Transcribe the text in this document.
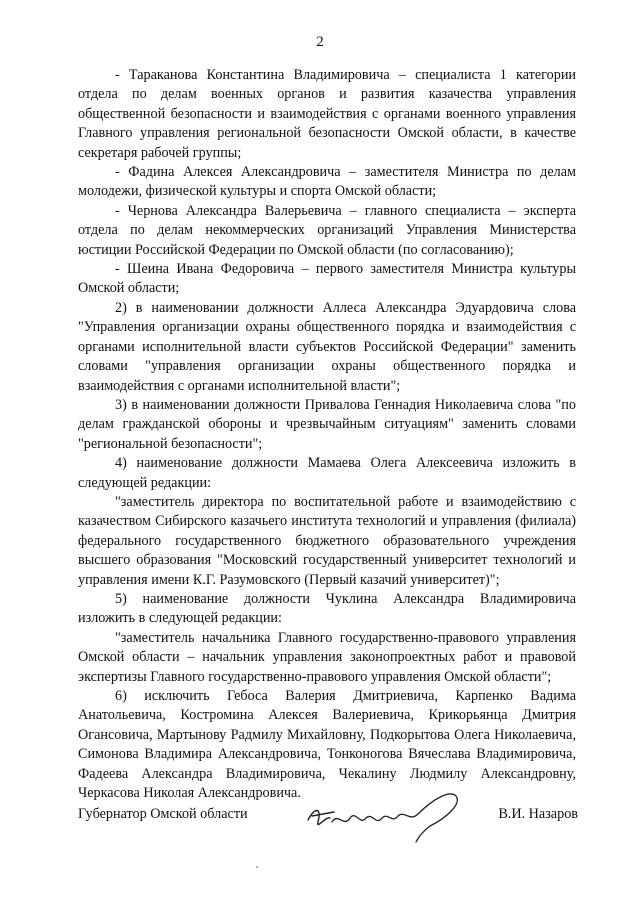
2

- Тараканова Константина Владимировича – специалиста 1 категории отдела по делам военных органов и развития казачества управления общественной безопасности и взаимодействия с органами военного управления Главного управления региональной безопасности Омской области, в качестве секретаря рабочей группы;

- Фадина Алексея Александровича – заместителя Министра по делам молодежи, физической культуры и спорта Омской области;

- Чернова Александра Валерьевича – главного специалиста – эксперта отдела по делам некоммерческих организаций Управления Министерства юстиции Российской Федерации по Омской области (по согласованию);

- Шеина Ивана Федоровича – первого заместителя Министра культуры Омской области;

2) в наименовании должности Аллеса Александра Эдуардовича слова "Управления организации охраны общественного порядка и взаимодействия с органами исполнительной власти субъектов Российской Федерации" заменить словами "управления организации охраны общественного порядка и взаимодействия с органами исполнительной власти";

3) в наименовании должности Привалова Геннадия Николаевича слова "по делам гражданской обороны и чрезвычайным ситуациям" заменить словами "региональной безопасности";

4) наименование должности Мамаева Олега Алексеевича изложить в следующей редакции:

"заместитель директора по воспитательной работе и взаимодействию с казачеством Сибирского казачьего института технологий и управления (филиала) федерального государственного бюджетного образовательного учреждения высшего образования "Московский государственный университет технологий и управления имени К.Г. Разумовского (Первый казачий университет)";

5) наименование должности Чуклина Александра Владимировича изложить в следующей редакции:

"заместитель начальника Главного государственно-правового управления Омской области – начальник управления законопроектных работ и правовой экспертизы Главного государственно-правового управления Омской области";

6) исключить Гебоса Валерия Дмитриевича, Карпенко Вадима Анатольевича, Костромина Алексея Валериевича, Крикорьянца Дмитрия Огансовича, Мартынову Радмилу Михайловну, Подкорытова Олега Николаевича, Симонова Владимира Александровича, Тонконогова Вячеслава Владимировича, Фадеева Александра Владимировича, Чекалину Людмилу Александровну, Черкасова Николая Александровича.

Губернатор Омской области	В.И. Назаров
